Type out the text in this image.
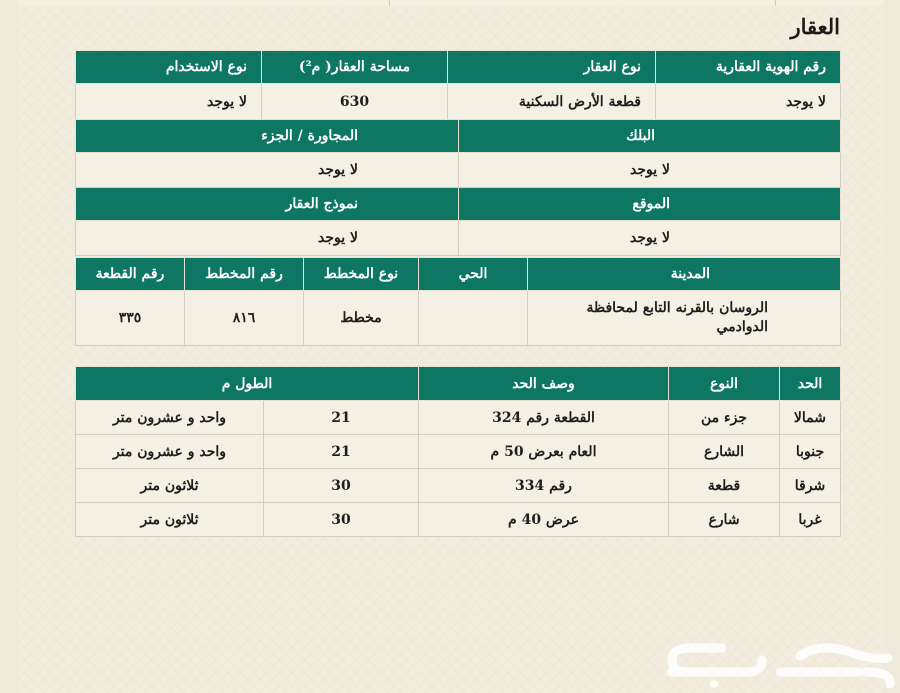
العقار
رقم الهوية العقارية	نوع العقار	مساحة العقار( م²)	نوع الاستخدام
لا يوجد	قطعة الأرض السكنية	630	لا يوجد
البلك	المجاورة / الجزء
لا يوجد	لا يوجد
الموقع	نموذج العقار
لا يوجد	لا يوجد
المدينة	الحي	نوع المخطط	رقم المخطط	رقم القطعة

الروسان بالقرنه التابع لمحافظة
الدوادمي		مخطط	٨١٦	٣٣٥
الحد	النوع	وصف الحد	الطول م	
شمالا	جزء من	القطعة رقم 324	21	واحد و عشرون متر
جنوبا	الشارع	العام بعرض 50 م	21	واحد و عشرون متر
شرقا	قطعة	رقم 334	30	ثلاثون متر
غربا	شارع	عرض 40 م	30	ثلاثون متر
